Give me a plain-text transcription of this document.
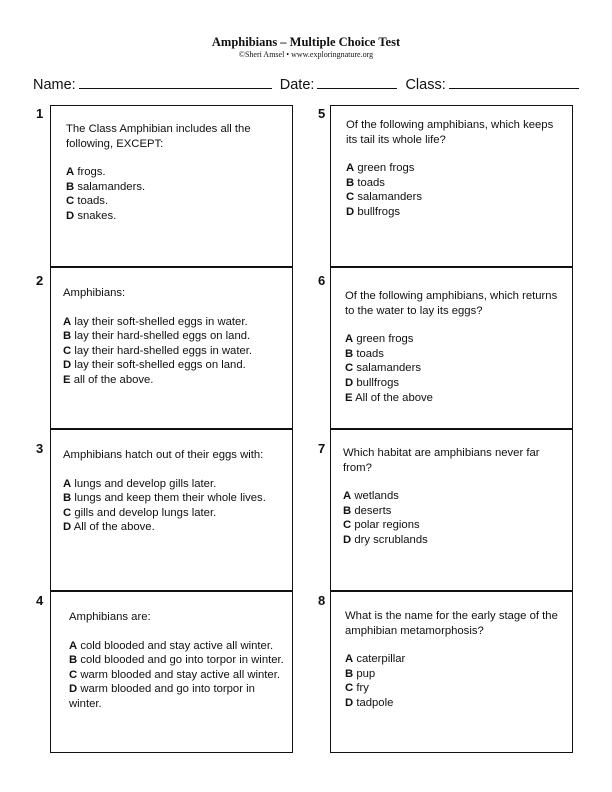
Amphibians – Multiple Choice Test
©Sheri Amsel • www.exploringnature.org
Name:	Date:	Class:
1

The Class Amphibian includes all the following, EXCEPT:

A frogs.

B salamanders.

C toads.

D snakes.

2

Amphibians:

A lay their soft-shelled eggs in water.

B lay their hard-shelled eggs on land.

C lay their hard-shelled eggs in water.

D lay their soft-shelled eggs on land.

E all of the above.

3 Amphibians hatch out of their eggs with:

A lungs and develop gills later.

B lungs and keep them their whole lives.

C gills and develop lungs later.

D All of the above.

4

Amphibians are:

A cold blooded and stay active all winter.

B cold blooded and go into torpor in winter.

C warm blooded and stay active all winter.

D warm blooded and go into torpor in winter.

5

Of the following amphibians, which keeps its tail its whole life?

A green frogs

B toads

C salamanders

D bullfrogs

6

Of the following amphibians, which returns to the water to lay its eggs?

A green frogs

B toads

C salamanders

D bullfrogs

E All of the above

7 Which habitat are amphibians never far from?

A wetlands

B deserts

C polar regions

D dry scrublands

8

What is the name for the early stage of the amphibian metamorphosis?

A caterpillar

B pup

C fry

D tadpole
